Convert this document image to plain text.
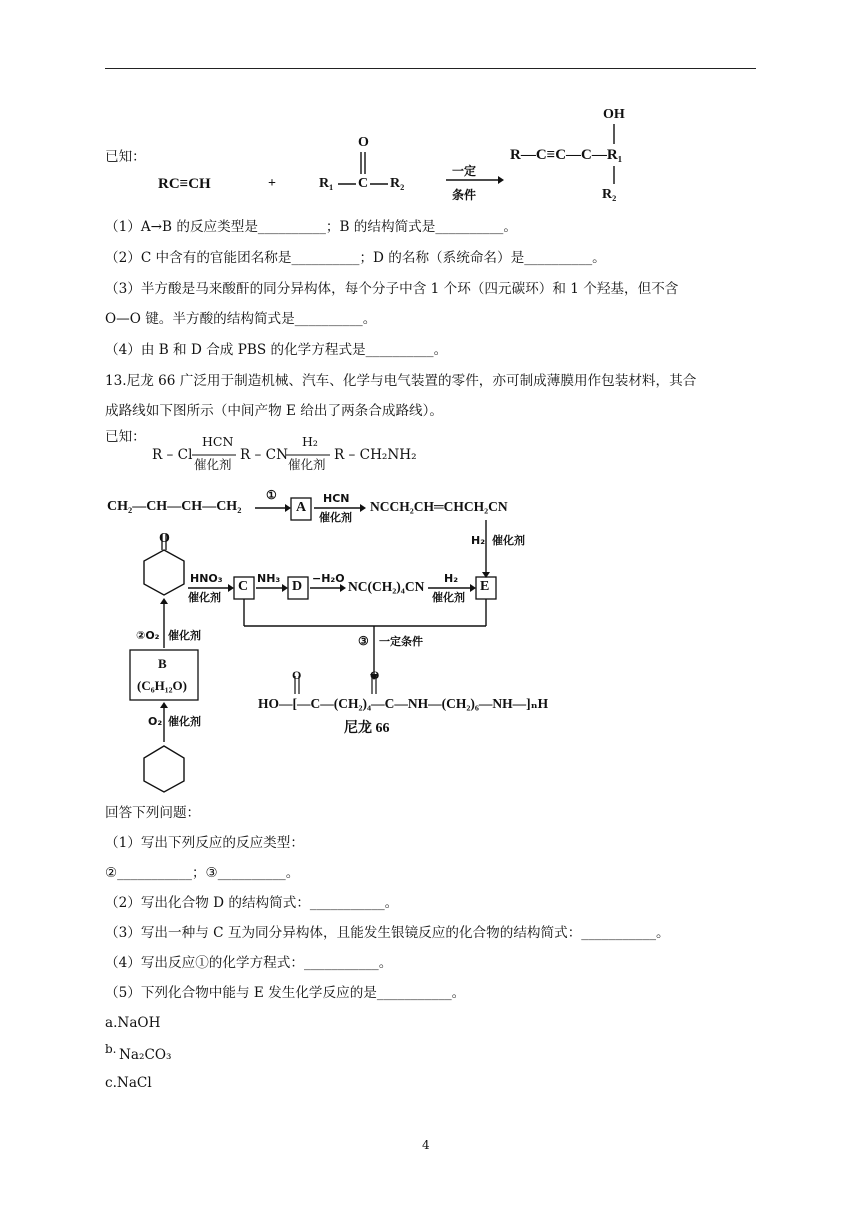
已知：
RC≡CH	+	R₁ C R₂
O
一定
条件
OH
R—C≡C—C—R₁
R₂
（1）A→B 的反应类型是__________；B 的结构简式是__________。
（2）C 中含有的官能团名称是__________；D 的名称（系统命名）是__________。
（3）半方酸是马来酸酐的同分异构体，每个分子中含 1 个环（四元碳环）和 1 个羟基，但不含
O—O 键。半方酸的结构简式是__________。
（4）由 B 和 D 合成 PBS 的化学方程式是__________。
13.尼龙 66 广泛用于制造机械、汽车、化学与电气装置的零件，亦可制成薄膜用作包装材料，其合
成路线如下图所示（中间产物 E 给出了两条合成路线）。
已知：
R – Cl
HCN
催化剂
R – CN
H₂
催化剂
R – CH₂NH₂
CH₂—CH—CH—CH₂
①
A
HCN
催化剂
NCCH₂CH═CHCH₂CN
H₂ 催化剂
O
HNO₃
催化剂
C
NH₃
D
−H₂O
NC(CH₂)₄CN
H₂
催化剂
E
③ 一定条件
②O₂ 催化剂
B
(C₆H₁₂O)
O₂ 催化剂
O	O
HO—[—C—(CH₂)₄—C—NH—(CH₂)₆—NH—]ₙH
尼龙 66
回答下列问题：
（1）写出下列反应的反应类型：
②___________；③__________。
（2）写出化合物 D 的结构简式：___________。
（3）写出一种与 C 互为同分异构体，且能发生银镜反应的化合物的结构简式：___________。
（4）写出反应①的化学方程式：___________。
（5）下列化合物中能与 E 发生化学反应的是___________。
a.NaOH
b. Na₂CO₃
c.NaCl
4
